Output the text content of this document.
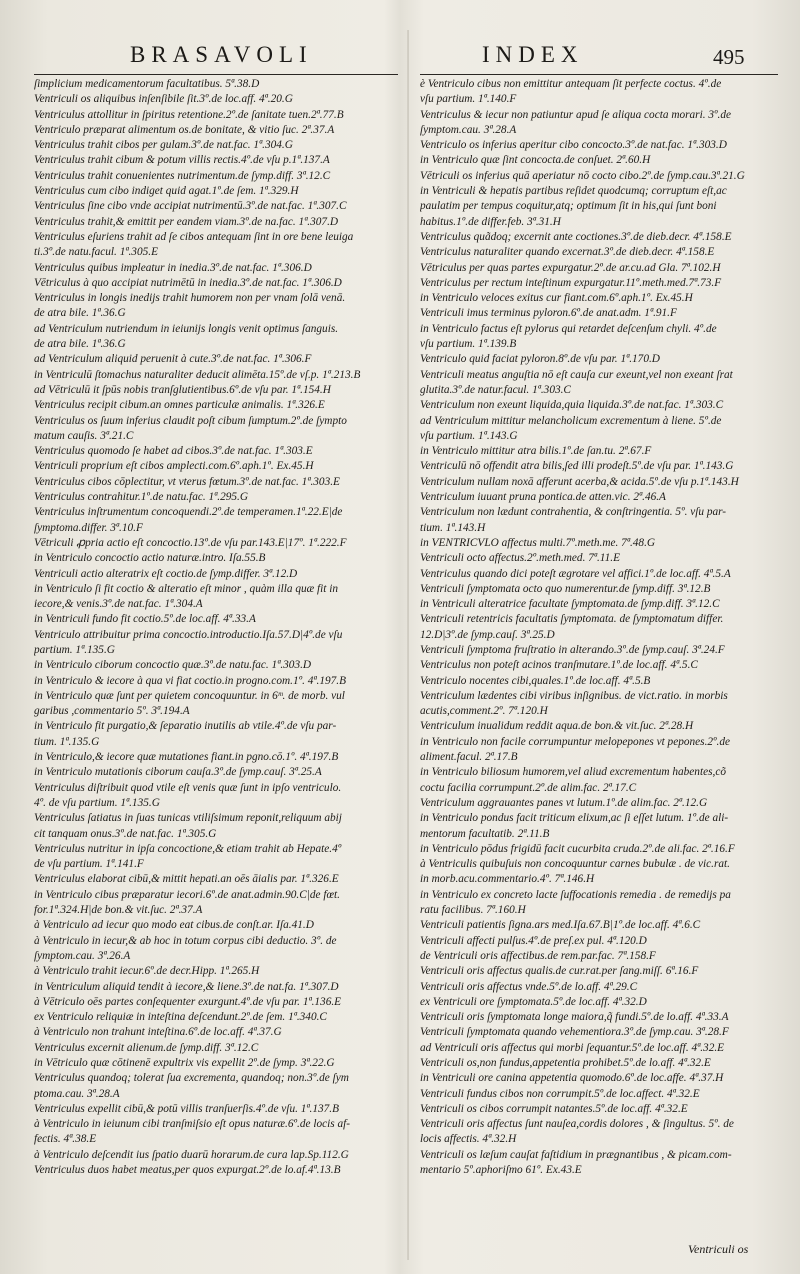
BRASAVOLI	INDEX	495
ſimplicium medicamentorum facultatibus. 5ª.38.D
Ventriculi os aliquibus inſenſibile ſit.3º.de loc.aff. 4ª.20.G
Ventriculus attollitur in ſpiritus retentione.2º.de ſanitate tuen.2ª.77.B
Ventriculo præparat alimentum os.de bonitate, & vitio ſuc. 2ª.37.A
Ventriculus trahit cibos per gulam.3º.de nat.fac. 1ª.304.G
Ventriculus trahit cibum & potum villis rectis.4º.de vſu p.1ª.137.A
Ventriculus trahit conuenientes nutrimentum.de ſymp.diff. 3ª.12.C
Ventriculus cum cibo indiget quid agat.1º.de ſem. 1ª.329.H
Ventriculus ſine cibo vnde accipiat nutrimentū.3º.de nat.fac. 1ª.307.C
Ventriculus trahit,& emittit per eandem viam.3º.de na.fac. 1ª.307.D
Ventriculus eſuriens trahit ad ſe cibos antequam ſint in ore bene leuiga
ti.3º.de natu.facul. 1ª.305.E
Ventriculus quibus impleatur in inedia.3º.de nat.fac. 1ª.306.D
Vētriculus à quo accipiat nutrimētū in inedia.3º.de nat.fac. 1ª.306.D
Ventriculus in longis inedijs trahit humorem non per vnam ſolā venā.
de atra bile. 1ª.36.G
ad Ventriculum nutriendum in ieiunijs longis venit optimus ſanguis.
de atra bile. 1ª.36.G
ad Ventriculum aliquid peruenit à cute.3º.de nat.fac. 1ª.306.F
in Ventriculū ſtomachus naturaliter deducit alimēta.15º.de vſ.p. 1ª.213.B
ad Vētriculū it ſpūs nobis tranſglutientibus.6º.de vſu par. 1ª.154.H
Ventriculus recipit cibum.an omnes particulæ animalis. 1ª.326.E
Ventriculus os ſuum inferius claudit poſt cibum ſumptum.2º.de ſympto
matum cauſis. 3ª.21.C
Ventriculus quomodo ſe habet ad cibos.3º.de nat.fac. 1ª.303.E
Ventriculi proprium eſt cibos amplecti.com.6º.aph.1º. Ex.45.H
Ventriculus cibos cōplectitur, vt vterus fœtum.3º.de nat.fac. 1ª.303.E
Ventriculus contrahitur.1º.de natu.fac. 1ª.295.G
Ventriculus inſtrumentum concoquendi.2º.de temperamen.1ª.22.E|de
ſymptoma.differ. 3ª.10.F
Vētriculi ꝓpria actio eſt concoctio.13º.de vſu par.143.E|17º. 1ª.222.F
in Ventriculo concoctio actio naturæ.intro. Iſa.55.B
Ventriculi actio alteratrix eſt coctio.de ſymp.differ. 3ª.12.D
in Ventriculo ſi fit coctio & alteratio eſt minor , quàm illa quæ fit in
iecore,& venis.3º.de nat.fac. 1ª.304.A
in Ventriculi fundo fit coctio.5º.de loc.aff. 4ª.33.A
Ventriculo attribuitur prima concoctio.introductio.Iſa.57.D|4º.de vſu
partium. 1ª.135.G
in Ventriculo ciborum concoctio quæ.3º.de natu.fac. 1ª.303.D
in Ventriculo & iecore à qua vi fiat coctio.in progno.com.1º. 4ª.197.B
in Ventriculo quæ ſunt per quietem concoquuntur. in 6ᵐ. de morb. vul
garibus ,commentario 5º. 3ª.194.A
in Ventriculo fit purgatio,& ſeparatio inutilis ab vtile.4º.de vſu par-
tium. 1ª.135.G
in Ventriculo,& iecore quæ mutationes fiant.in pgno.cō.1º. 4ª.197.B
in Ventriculo mutationis ciborum cauſa.3º.de ſymp.cauſ. 3ª.25.A
Ventriculus diſtribuit quod vtile eſt venis quæ ſunt in ipſo ventriculo.
4º. de vſu partium. 1ª.135.G
Ventriculus ſatiatus in ſuas tunicas vtiliſsimum reponit,reliquum abij
cit tanquam onus.3º.de nat.fac. 1ª.305.G
Ventriculus nutritur in ipſa concoctione,& etiam trahit ab Hepate.4º
de vſu partium. 1ª.141.F
Ventriculus elaborat cibū,& mittit hepati.an oēs āialis par. 1ª.326.E
in Ventriculo cibus præparatur iecori.6º.de anat.admin.90.C|de fœt.
for.1ª.324.H|de bon.& vit.ſuc. 2ª.37.A
à Ventriculo ad iecur quo modo eat cibus.de conſt.ar. Iſa.41.D
à Ventriculo in iecur,& ab hoc in totum corpus cibi deductio. 3º. de
ſymptom.cau. 3ª.26.A
à Ventriculo trahit iecur.6º.de decr.Hipp. 1ª.265.H
in Ventriculum aliquid tendit à iecore,& liene.3º.de nat.fa. 1ª.307.D
à Vētriculo oēs partes conſequenter exurgunt.4º.de vſu par. 1ª.136.E
ex Ventriculo reliquiæ in inteſtina deſcendunt.2º.de ſem. 1ª.340.C
à Ventriculo non trahunt inteſtina.6º.de loc.aff. 4ª.37.G
Ventriculus excernit alienum.de ſymp.diff. 3ª.12.C
in Vētriculo quæ cōtinenē expultrix vis expellit 2º.de ſymp. 3ª.22.G
Ventriculus quandoq; tolerat ſua excrementa, quandoq; non.3º.de ſym
ptoma.cau. 3ª.28.A
Ventriculus expellit cibū,& potū villis tranſuerſis.4º.de vſu. 1ª.137.B
à Ventriculo in ieiunum cibi tranſmiſsio eſt opus naturæ.6º.de locis af-
fectis. 4ª.38.E
à Ventriculo deſcendit ius ſpatio duarū horarum.de cura lap.Sp.112.G
Ventriculus duos habet meatus,per quos expurgat.2º.de lo.af.4ª.13.B
è Ventriculo cibus non emittitur antequam ſit perfecte coctus. 4º.de
vſu partium. 1ª.140.F
Ventriculus & iecur non patiuntur apud ſe aliqua cocta morari. 3º.de
ſymptom.cau. 3ª.28.A
Ventriculo os inferius aperitur cibo concocto.3º.de nat.fac. 1ª.303.D
in Ventriculo quæ ſint concocta.de conſuet. 2ª.60.H
Vētriculi os inferius quā aperiatur nō cocto cibo.2º.de ſymp.cau.3ª.21.G
in Ventriculi & hepatis partibus reſidet quodcumq; corruptum eſt,ac
paulatim per tempus coquitur,atq; optimum ſit in his,qui ſunt boni
habitus.1º.de differ.feb. 3ª.31.H
Ventriculus quãdoq; excernit ante coctiones.3º.de dieb.decr. 4ª.158.E
Ventriculus naturaliter quando excernat.3º.de dieb.decr. 4ª.158.E
Vētriculus per quas partes expurgatur.2º.de ar.cu.ad Gla. 7ª.102.H
Ventriculus per rectum inteſtinum expurgatur.11º.meth.med.7ª.73.F
in Ventriculo veloces exitus cur fiant.com.6º.aph.1º. Ex.45.H
Ventriculi imus terminus pyloron.6º.de anat.adm. 1ª.91.F
in Ventriculo factus eſt pylorus qui retardet deſcenſum chyli. 4º.de
vſu partium. 1ª.139.B
Ventriculo quid faciat pyloron.8º.de vſu par. 1ª.170.D
Ventriculi meatus anguſtia nō eſt cauſa cur exeunt,vel non exeant ſrat
glutita.3º.de natur.facul. 1ª.303.C
Ventriculum non exeunt liquida,quia liquida.3º.de nat.fac. 1ª.303.C
ad Ventriculum mittitur melancholicum excrementum à liene. 5º.de
vſu partium. 1ª.143.G
in Ventriculo mittitur atra bilis.1º.de ſan.tu. 2ª.67.F
Ventriculū nō offendit atra bilis,ſed illi prodeſt.5º.de vſu par. 1ª.143.G
Ventriculum nullam noxā afferunt acerba,& acida.5º.de vſu p.1ª.143.H
Ventriculum iuuant pruna pontica.de atten.vic. 2ª.46.A
Ventriculum non lædunt contrahentia, & conſtringentia. 5º. vſu par-
tium. 1ª.143.H
in VENTRICVLO affectus multi.7º.meth.me. 7ª.48.G
Ventriculi octo affectus.2º.meth.med. 7ª.11.E
Ventriculus quando dici poteſt ægrotare vel affici.1º.de loc.aff. 4ª.5.A
Ventriculi ſymptomata octo quo numerentur.de ſymp.diff. 3ª.12.B
in Ventriculi alteratrice facultate ſymptomata.de ſymp.diff. 3ª.12.C
Ventriculi retentricis facultatis ſymptomata. de ſymptomatum differ.
12.D|3º.de ſymp.cauſ. 3ª.25.D
Ventriculi ſymptoma fruſtratio in alterando.3º.de ſymp.cauſ. 3ª.24.F
Ventriculus non poteſt acinos tranſmutare.1º.de loc.aff. 4ª.5.C
Ventriculo nocentes cibi,quales.1º.de loc.aff. 4ª.5.B
Ventriculum lædentes cibi viribus inſignibus. de vict.ratio. in morbis
acutis,comment.2º. 7ª.120.H
Ventriculum inualidum reddit aqua.de bon.& vit.ſuc. 2ª.28.H
in Ventriculo non facile corrumpuntur melopepones vt pepones.2º.de
aliment.facul. 2ª.17.B
in Ventriculo biliosum humorem,vel aliud excrementum habentes,cõ
coctu facilia corrumpunt.2º.de alim.fac. 2ª.17.C
Ventriculum aggrauantes panes vt lutum.1º.de alim.fac. 2ª.12.G
in Ventriculo pondus facit triticum elixum,ac ſi eſſet lutum. 1º.de ali-
mentorum facultatib. 2ª.11.B
in Ventriculo pōdus frigidū facit cucurbita cruda.2º.de ali.fac. 2ª.16.F
à Ventriculis quibuſuis non concoquuntur carnes bubulæ . de vic.rat.
in morb.acu.commentario.4º. 7ª.146.H
in Ventriculo ex concreto lacte ſuffocationis remedia . de remedijs pa
ratu facilibus. 7ª.160.H
Ventriculi patientis ſigna.ars med.Iſa.67.B|1º.de loc.aff. 4ª.6.C
Ventriculi affecti pulſus.4º.de preſ.ex pul. 4ª.120.D
de Ventriculi oris affectibus.de rem.par.fac. 7ª.158.F
Ventriculi oris affectus qualis.de cur.rat.per ſang.miſſ. 6ª.16.F
Ventriculi oris affectus vnde.5º.de lo.aff. 4ª.29.C
ex Ventriculi ore ſymptomata.5º.de loc.aff. 4ª.32.D
Ventriculi oris ſymptomata longe maiora,q̃ fundi.5º.de lo.aff. 4ª.33.A
Ventriculi ſymptomata quando vehementiora.3º.de ſymp.cau. 3ª.28.F
ad Ventriculi oris affectus qui morbi ſequantur.5º.de loc.aff. 4ª.32.E
Ventriculi os,non fundus,appetentia prohibet.5º.de lo.aff. 4ª.32.E
in Ventriculi ore canina appetentia quomodo.6º.de loc.affe. 4ª.37.H
Ventriculi fundus cibos non corrumpit.5º.de loc.affect. 4ª.32.E
Ventriculi os cibos corrumpit natantes.5º.de loc.aff. 4ª.32.E
Ventriculi oris affectus ſunt nauſea,cordis dolores , & ſingultus. 5º. de
locis affectis. 4ª.32.H
Ventriculi os læſum cauſat faſtidium in prægnantibus , & picam.com-
mentario 5º.aphoriſmo 61º. Ex.43.E
Ventriculi os
